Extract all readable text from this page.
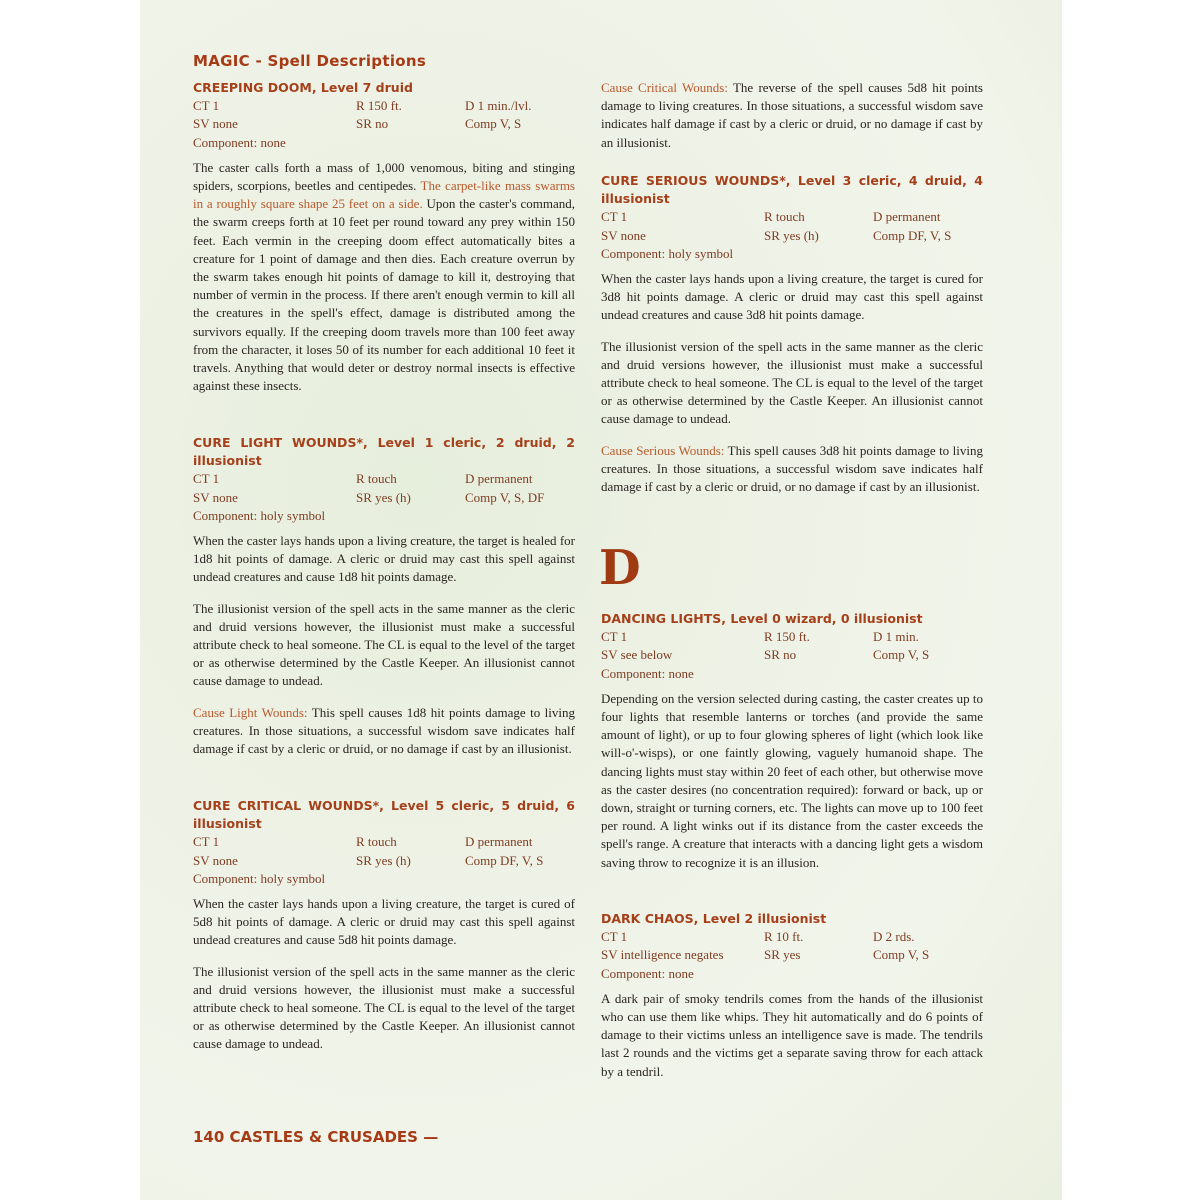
MAGIC - Spell Descriptions
CREEPING DOOM, Level 7 druid
CT 1	R 150 ft.	D 1 min./lvl.
SV none	SR no	Comp V, S
Component: none

The caster calls forth a mass of 1,000 venomous, biting and stinging spiders, scorpions, beetles and centipedes. The carpet-like mass swarms in a roughly square shape 25 feet on a side. Upon the caster's command, the swarm creeps forth at 10 feet per round toward any prey within 150 feet. Each vermin in the creeping doom effect automatically bites a creature for 1 point of damage and then dies. Each creature overrun by the swarm takes enough hit points of damage to kill it, destroying that number of vermin in the process. If there aren't enough vermin to kill all the creatures in the spell's effect, damage is distributed among the survivors equally. If the creeping doom travels more than 100 feet away from the character, it loses 50 of its number for each additional 10 feet it travels. Anything that would deter or destroy normal insects is effective against these insects.

CURE LIGHT WOUNDS*, Level 1 cleric, 2 druid, 2 illusionist
CT 1	R touch	D permanent
SV none	SR yes (h)	Comp V, S, DF
Component: holy symbol

When the caster lays hands upon a living creature, the target is healed for 1d8 hit points of damage. A cleric or druid may cast this spell against undead creatures and cause 1d8 hit points damage.

The illusionist version of the spell acts in the same manner as the cleric and druid versions however, the illusionist must make a successful attribute check to heal someone. The CL is equal to the level of the target or as otherwise determined by the Castle Keeper. An illusionist cannot cause damage to undead.

Cause Light Wounds: This spell causes 1d8 hit points damage to living creatures. In those situations, a successful wisdom save indicates half damage if cast by a cleric or druid, or no damage if cast by an illusionist.

CURE CRITICAL WOUNDS*, Level 5 cleric, 5 druid, 6 illusionist
CT 1	R touch	D permanent
SV none	SR yes (h)	Comp DF, V, S
Component: holy symbol

When the caster lays hands upon a living creature, the target is cured of 5d8 hit points of damage. A cleric or druid may cast this spell against undead creatures and cause 5d8 hit points damage.

The illusionist version of the spell acts in the same manner as the cleric and druid versions however, the illusionist must make a successful attribute check to heal someone. The CL is equal to the level of the target or as otherwise determined by the Castle Keeper. An illusionist cannot cause damage to undead.

Cause Critical Wounds: The reverse of the spell causes 5d8 hit points damage to living creatures. In those situations, a successful wisdom save indicates half damage if cast by a cleric or druid, or no damage if cast by an illusionist.

CURE SERIOUS WOUNDS*, Level 3 cleric, 4 druid, 4 illusionist
CT 1	R touch	D permanent
SV none	SR yes (h)	Comp DF, V, S
Component: holy symbol

When the caster lays hands upon a living creature, the target is cured for 3d8 hit points damage. A cleric or druid may cast this spell against undead creatures and cause 3d8 hit points damage.

The illusionist version of the spell acts in the same manner as the cleric and druid versions however, the illusionist must make a successful attribute check to heal someone. The CL is equal to the level of the target or as otherwise determined by the Castle Keeper. An illusionist cannot cause damage to undead.

Cause Serious Wounds: This spell causes 3d8 hit points damage to living creatures. In those situations, a successful wisdom save indicates half damage if cast by a cleric or druid, or no damage if cast by an illusionist.

D
DANCING LIGHTS, Level 0 wizard, 0 illusionist
CT 1	R 150 ft.	D 1 min.
SV see below	SR no	Comp V, S
Component: none

Depending on the version selected during casting, the caster creates up to four lights that resemble lanterns or torches (and provide the same amount of light), or up to four glowing spheres of light (which look like will-o'-wisps), or one faintly glowing, vaguely humanoid shape. The dancing lights must stay within 20 feet of each other, but otherwise move as the caster desires (no concentration required): forward or back, up or down, straight or turning corners, etc. The lights can move up to 100 feet per round. A light winks out if its distance from the caster exceeds the spell's range. A creature that interacts with a dancing light gets a wisdom saving throw to recognize it is an illusion.

DARK CHAOS, Level 2 illusionist
CT 1	R 10 ft.	D 2 rds.
SV intelligence negates	SR yes	Comp V, S
Component: none

A dark pair of smoky tendrils comes from the hands of the illusionist who can use them like whips. They hit automatically and do 6 points of damage to their victims unless an intelligence save is made. The tendrils last 2 rounds and the victims get a separate saving throw for each attack by a tendril.

140 CASTLES & CRUSADES —
